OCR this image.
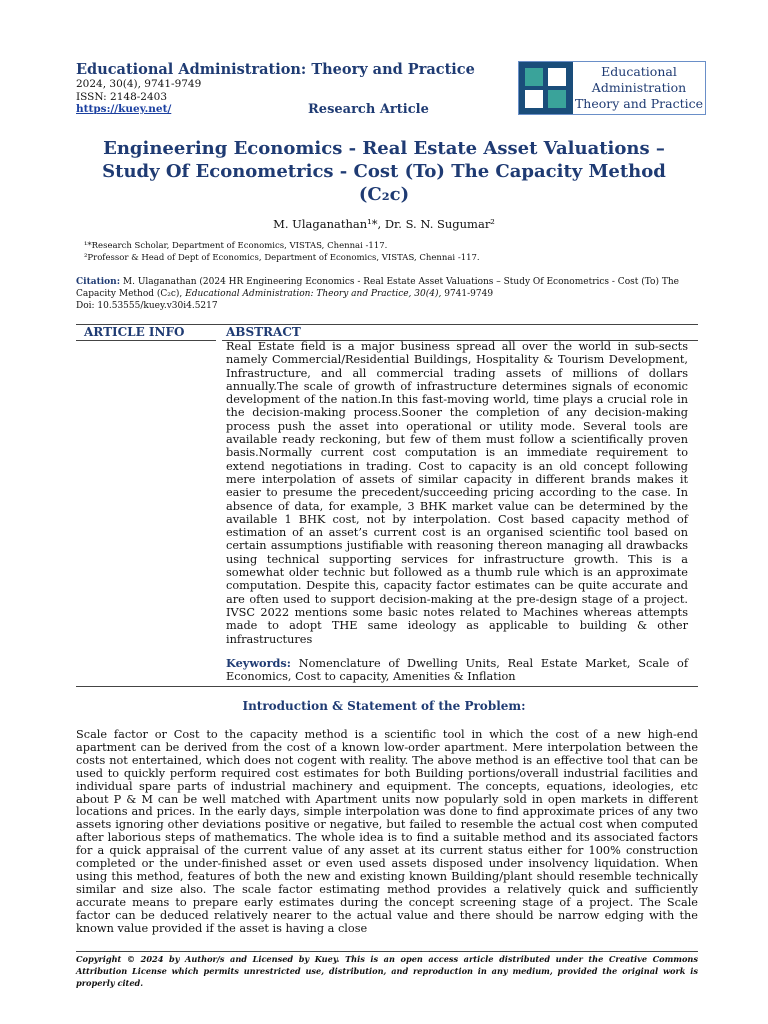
Educational Administration: Theory and Practice
2024, 30(4), 9741-9749
ISSN: 2148-2403
https://kuey.net/	Research Article
Educational
Administration
Theory and Practice
Engineering Economics - Real Estate Asset Valuations –
Study Of Econometrics - Cost (To) The Capacity Method
(C₂c)
M. Ulaganathan¹*, Dr. S. N. Sugumar²
¹*Research Scholar, Department of Economics, VISTAS, Chennai -117.
²Professor & Head of Dept of Economics, Department of Economics, VISTAS, Chennai -117.
Citation: M. Ulaganathan (2024 HR Engineering Economics - Real Estate Asset Valuations – Study Of Econometrics - Cost (To) The Capacity Method (C₂c), Educational Administration: Theory and Practice, 30(4), 9741-9749
Doi: 10.53555/kuey.v30i4.5217
ARTICLE INFO	ABSTRACT
Real Estate field is a major business spread all over the world in sub-sects namely Commercial/Residential Buildings, Hospitality & Tourism Development, Infrastructure, and all commercial trading assets of millions of dollars annually.The scale of growth of infrastructure determines signals of economic development of the nation.In this fast-moving world, time plays a crucial role in the decision-making process.Sooner the completion of any decision-making process push the asset into operational or utility mode. Several tools are available ready reckoning, but few of them must follow a scientifically proven basis.Normally current cost computation is an immediate requirement to extend negotiations in trading. Cost to capacity is an old concept following mere interpolation of assets of similar capacity in different brands makes it easier to presume the precedent/succeeding pricing according to the case. In absence of data, for example, 3 BHK market value can be determined by the available 1 BHK cost, not by interpolation. Cost based capacity method of estimation of an asset’s current cost is an organised scientific tool based on certain assumptions justifiable with reasoning thereon managing all drawbacks using technical supporting services for infrastructure growth. This is a somewhat older technic but followed as a thumb rule which is an approximate computation. Despite this, capacity factor estimates can be quite accurate and are often used to support decision-making at the pre-design stage of a project. IVSC 2022 mentions some basic notes related to Machines whereas attempts made to adopt THE same ideology as applicable to building & other infrastructures
Keywords: Nomenclature of Dwelling Units, Real Estate Market, Scale of Economics, Cost to capacity, Amenities & Inflation
Introduction & Statement of the Problem:
Scale factor or Cost to the capacity method is a scientific tool in which the cost of a new high-end apartment can be derived from the cost of a known low-order apartment. Mere interpolation between the costs not entertained, which does not cogent with reality. The above method is an effective tool that can be used to quickly perform required cost estimates for both Building portions/overall industrial facilities and individual spare parts of industrial machinery and equipment. The concepts, equations, ideologies, etc about P & M can be well matched with Apartment units now popularly sold in open markets in different locations and prices. In the early days, simple interpolation was done to find approximate prices of any two assets ignoring other deviations positive or negative, but failed to resemble the actual cost when computed after laborious steps of mathematics. The whole idea is to find a suitable method and its associated factors for a quick appraisal of the current value of any asset at its current status either for 100% construction completed or the under-finished asset or even used assets disposed under insolvency liquidation. When using this method, features of both the new and existing known Building/plant should resemble technically similar and size also. The scale factor estimating method provides a relatively quick and sufficiently accurate means to prepare early estimates during the concept screening stage of a project. The Scale factor can be deduced relatively nearer to the actual value and there should be narrow edging with the known value provided if the asset is having a close
Copyright © 2024 by Author/s and Licensed by Kuey. This is an open access article distributed under the Creative Commons Attribution License which permits unrestricted use, distribution, and reproduction in any medium, provided the original work is properly cited.
